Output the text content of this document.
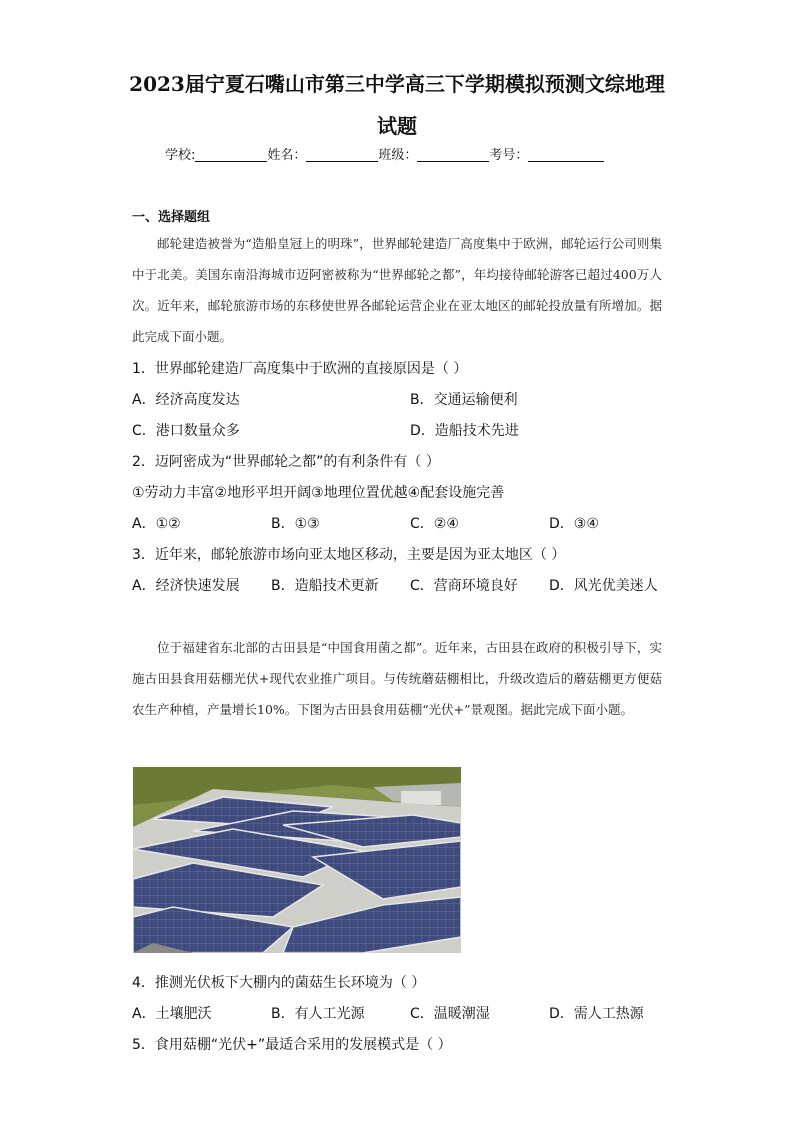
2023届宁夏石嘴山市第三中学高三下学期模拟预测文综地理
试题
学校:	姓名：	班级：	考号：
一、选择题组
邮轮建造被誉为“造船皇冠上的明珠”，世界邮轮建造厂高度集中于欧洲，邮轮运行公司则集中于北美。美国东南沿海城市迈阿密被称为“世界邮轮之都”，年均接待邮轮游客已超过400万人次。近年来，邮轮旅游市场的东移使世界各邮轮运营企业在亚太地区的邮轮投放量有所增加。据此完成下面小题。
1．世界邮轮建造厂高度集中于欧洲的直接原因是（ ）
A．经济高度发达	B．交通运输便利
C．港口数量众多	D．造船技术先进
2．迈阿密成为“世界邮轮之都”的有利条件有（ ）
①劳动力丰富②地形平坦开阔③地理位置优越④配套设施完善
A．①②	B．①③	C．②④	D．③④
3．近年来，邮轮旅游市场向亚太地区移动，主要是因为亚太地区（ ）
A．经济快速发展 B．造船技术更新 C．营商环境良好 D．风光优美迷人
位于福建省东北部的古田县是“中国食用菌之都”。近年来，古田县在政府的积极引导下，实施古田县食用菇棚光伏+现代农业推广项目。与传统蘑菇棚相比，升级改造后的蘑菇棚更方便菇农生产种植，产量增长10%。下图为古田县食用菇棚“光伏+”景观图。据此完成下面小题。
4．推测光伏板下大棚内的菌菇生长环境为（ ）
A．土壤肥沃	B．有人工光源	C．温暖潮湿	D．需人工热源
5．食用菇棚“光伏+”最适合采用的发展模式是（ ）
